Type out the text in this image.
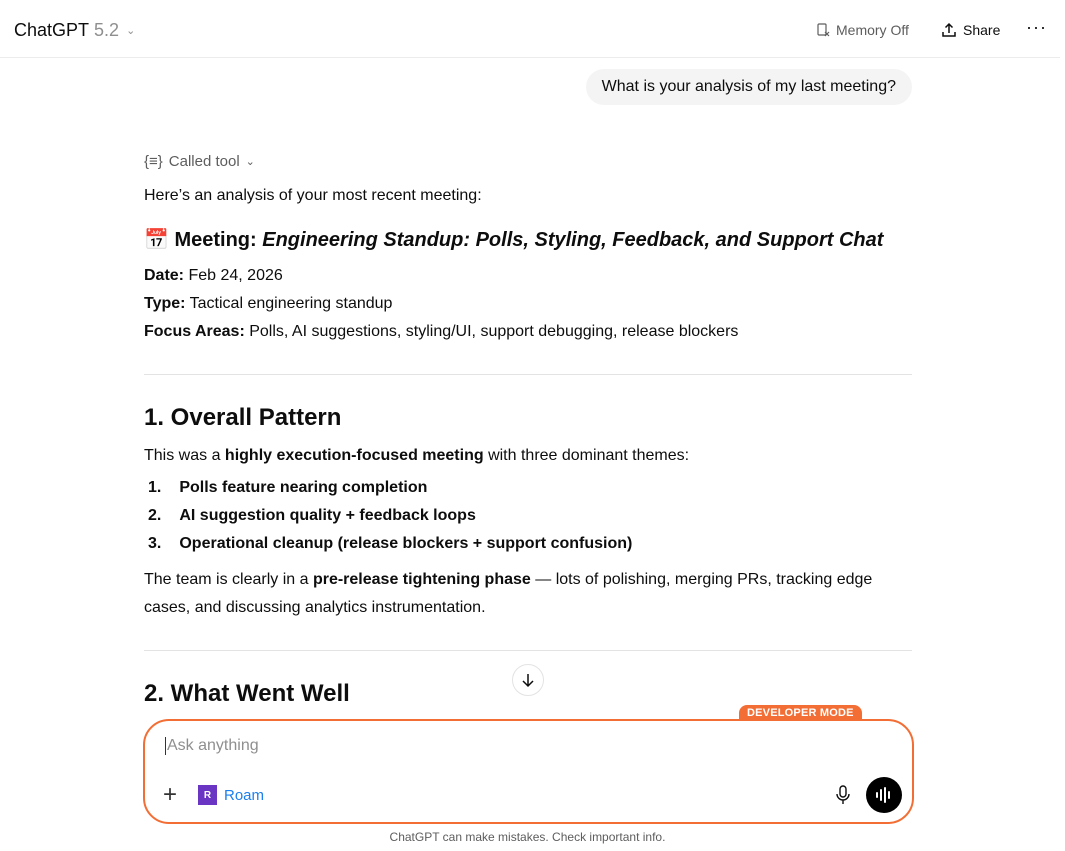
ChatGPT 5.2 ⌄	Memory Off	Share ···
What is your analysis of my last meeting?
{≡} Called tool ⌄
Here’s an analysis of your most recent meeting:
📅 Meeting: Engineering Standup: Polls, Styling, Feedback, and Support Chat
Date: Feb 24, 2026
Type: Tactical engineering standup
Focus Areas: Polls, AI suggestions, styling/UI, support debugging, release blockers
1. Overall Pattern
This was a highly execution-focused meeting with three dominant themes:
1. Polls feature nearing completion
2. AI suggestion quality + feedback loops
3. Operational cleanup (release blockers + support confusion)
The team is clearly in a pre-release tightening phase — lots of polishing, merging PRs, tracking edge cases, and discussing analytics instrumentation.
2. What Went Well
DEVELOPER MODE
Ask anything
+	R Roam
ChatGPT can make mistakes. Check important info.
